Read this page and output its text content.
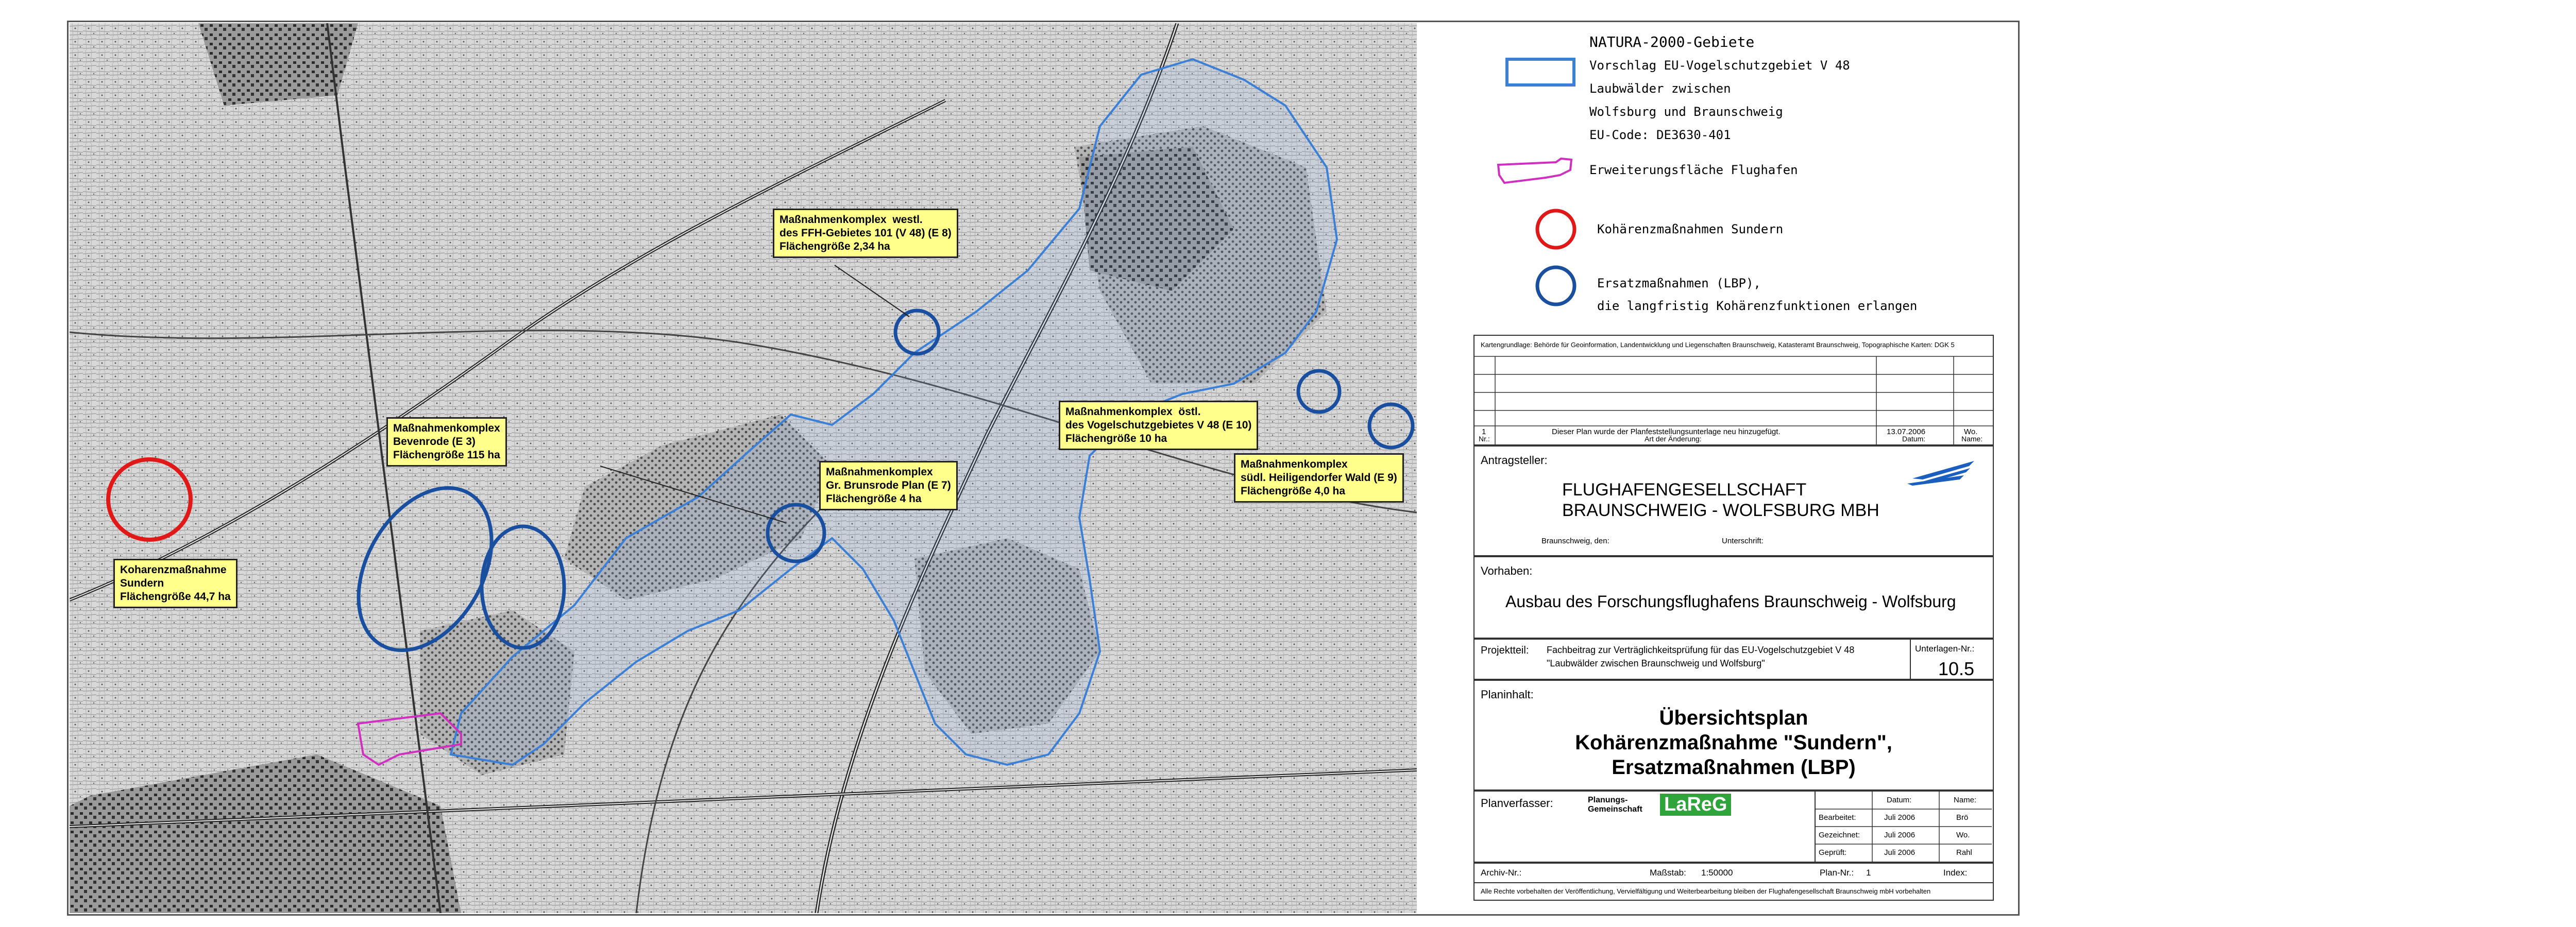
Maßnahmenkomplex  westl.
des FFH-Gebietes 101 (V 48) (E 8)
Flächengröße 2,34 ha
Maßnahmenkomplex
Bevenrode (E 3)
Flächengröße 115 ha
Maßnahmenkomplex
Gr. Brunsrode Plan (E 7)
Flächengröße 4 ha
Maßnahmenkomplex  östl.
des Vogelschutzgebietes V 48 (E 10)
Flächengröße 10 ha
Maßnahmenkomplex
südl. Heiligendorfer Wald (E 9)
Flächengröße 4,0 ha
Koharenzmaßnahme
Sundern
Flächengröße 44,7 ha
NATURA-2000-Gebiete
Vorschlag EU-Vogelschutzgebiet V 48
Laubwälder zwischen
Wolfsburg und Braunschweig
EU-Code: DE3630-401
Erweiterungsfläche Flughafen
Kohärenzmaßnahmen Sundern
Ersatzmaßnahmen (LBP),
die langfristig Kohärenzfunktionen erlangen
Kartengrundlage: Behörde für Geoinformation, Landentwicklung und Liegenschaften Braunschweig, Katasteramt Braunschweig, Topographische Karten: DGK 5
1	Dieser Plan wurde der Planfeststellungsunterlage neu hinzugefügt.	13.07.2006	Wo.
Nr.:	Art der Änderung:	Datum:	Name:
Antragsteller:
FLUGHAFENGESELLSCHAFT
BRAUNSCHWEIG - WOLFSBURG MBH
Braunschweig, den:	Unterschrift:
Vorhaben:
Ausbau des Forschungsflughafens Braunschweig - Wolfsburg
Projektteil: Fachbeitrag zur Verträglichkeitsprüfung für das EU-Vogelschutzgebiet V 48
"Laubwälder zwischen Braunschweig und Wolfsburg"
Unterlagen-Nr.:
10.5
Planinhalt:
Übersichtsplan
Kohärenzmaßnahme "Sundern",
Ersatzmaßnahmen (LBP)
Planverfasser:	Planungs-Gemeinschaft	LaReG	Datum:	Name:
Bearbeitet:	Juli 2006	Brö
Gezeichnet:	Juli 2006	Wo.
Geprüft:	Juli 2006	Rahl
Archiv-Nr.:	Maßstab: 1:50000	Plan-Nr.: 1	Index:
Alle Rechte vorbehalten der Veröffentlichung, Vervielfältigung und Weiterbearbeitung bleiben der Flughafengesellschaft Braunschweig mbH vorbehalten
